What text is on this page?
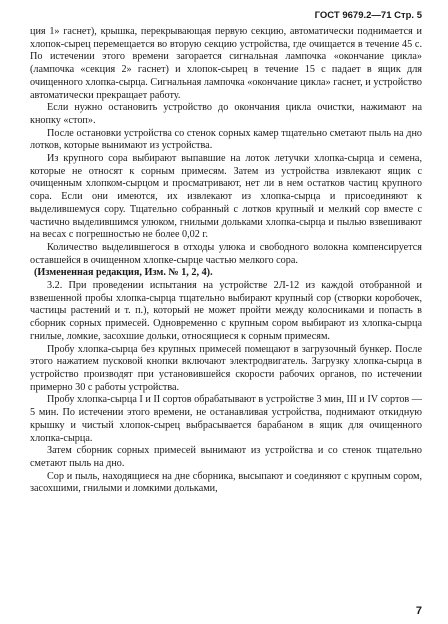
ГОСТ 9679.2—71 Стр. 5

ция 1» гаснет), крышка, перекрывающая первую секцию, автоматически поднимается и хлопок-сырец перемещается во вторую секцию устройства, где очищается в течение 45 с. По истечении этого времени загорается сигнальная лампочка «окончание цикла» (лампочка «секция 2» гаснет) и хлопок-сырец в течение 15 с падает в ящик для очищенного хлопка-сырца. Сигнальная лампочка «окончание цикла» гаснет, и устройство автоматически прекращает работу.

Если нужно остановить устройство до окончания цикла очистки, нажимают на кнопку «стоп».

После остановки устройства со стенок сорных камер тщательно сметают пыль на дно лотков, которые вынимают из устройства.

Из крупного сора выбирают выпавшие на лоток летучки хлопка-сырца и семена, которые не относят к сорным примесям. Затем из устройства извлекают ящик с очищенным хлопком-сырцом и просматривают, нет ли в нем остатков частиц крупного сора. Если они имеются, их извлекают из хлопка-сырца и присоединяют к выделившемуся сору. Тщательно собранный с лотков крупный и мелкий сор вместе с частично выделившимся улюком, гнилыми дольками хлопка-сырца и пылью взвешивают на весах с погрешностью не более 0,02 г.

Количество выделившегося в отходы улюка и свободного волокна компенсируется оставшейся в очищенном хлопке-сырце частью мелкого сора.

(Измененная редакция, Изм. № 1, 2, 4).

3.2. При проведении испытания на устройстве 2Л-12 из каждой отобранной и взвешенной пробы хлопка-сырца тщательно выбирают крупный сор (створки коробочек, частицы растений и т. п.), который не может пройти между колосниками и попасть в сборник сорных примесей. Одновременно с крупным сором выбирают из хлопка-сырца гнилые, ломкие, засохшие дольки, относящиеся к сорным примесям.

Пробу хлопка-сырца без крупных примесей помещают в загрузочный бункер. После этого нажатием пусковой кнопки включают электродвигатель. Загрузку хлопка-сырца в устройство производят при установившейся скорости рабочих органов, по истечении примерно 30 с работы устройства.

Пробу хлопка-сырца I и II сортов обрабатывают в устройстве 3 мин, III и IV сортов — 5 мин. По истечении этого времени, не останавливая устройства, поднимают откидную крышку и чистый хлопок-сырец выбрасывается барабаном в ящик для очищенного хлопка-сырца.

Затем сборник сорных примесей вынимают из устройства и со стенок тщательно сметают пыль на дно.

Сор и пыль, находящиеся на дне сборника, высыпают и соединяют с крупным сором, засохшими, гнилыми и ломкими дольками,

7
